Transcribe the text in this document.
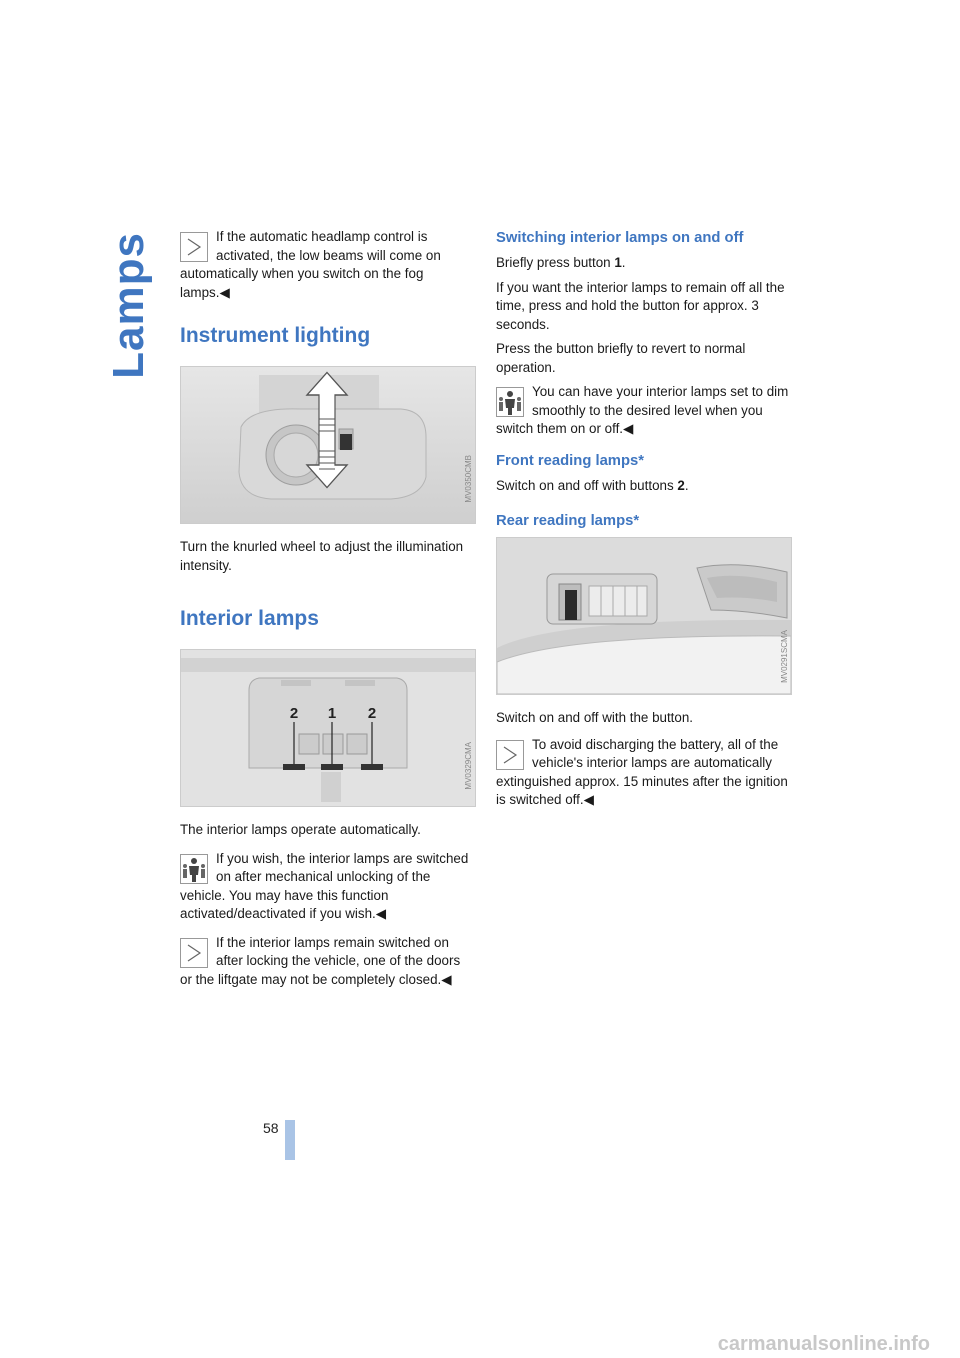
Lamps	If the automatic headlamp control is activated, the low beams will come on automatically when you switch on the fog lamps.◀

Instrument lighting
MV0350CMB

Turn the knurled wheel to adjust the illumination intensity.

Interior lamps
2 1 2
MV0329CMA

The interior lamps operate automatically.

If you wish, the interior lamps are switched on after mechanical unlocking of the vehicle. You may have this function activated/deactivated if you wish.◀

If the interior lamps remain switched on after locking the vehicle, one of the doors or the liftgate may not be completely closed.◀

Switching interior lamps on and off

Briefly press button 1.

If you want the interior lamps to remain off all the time, press and hold the button for approx. 3 seconds.

Press the button briefly to revert to normal operation.

You can have your interior lamps set to dim smoothly to the desired level when you switch them on or off.◀

Front reading lamps*

Switch on and off with buttons 2.

Rear reading lamps*
MV0291SCMA

Switch on and off with the button.

To avoid discharging the battery, all of the vehicle's interior lamps are automatically extinguished approx. 15 minutes after the ignition is switched off.◀

58
carmanualsonline.info
